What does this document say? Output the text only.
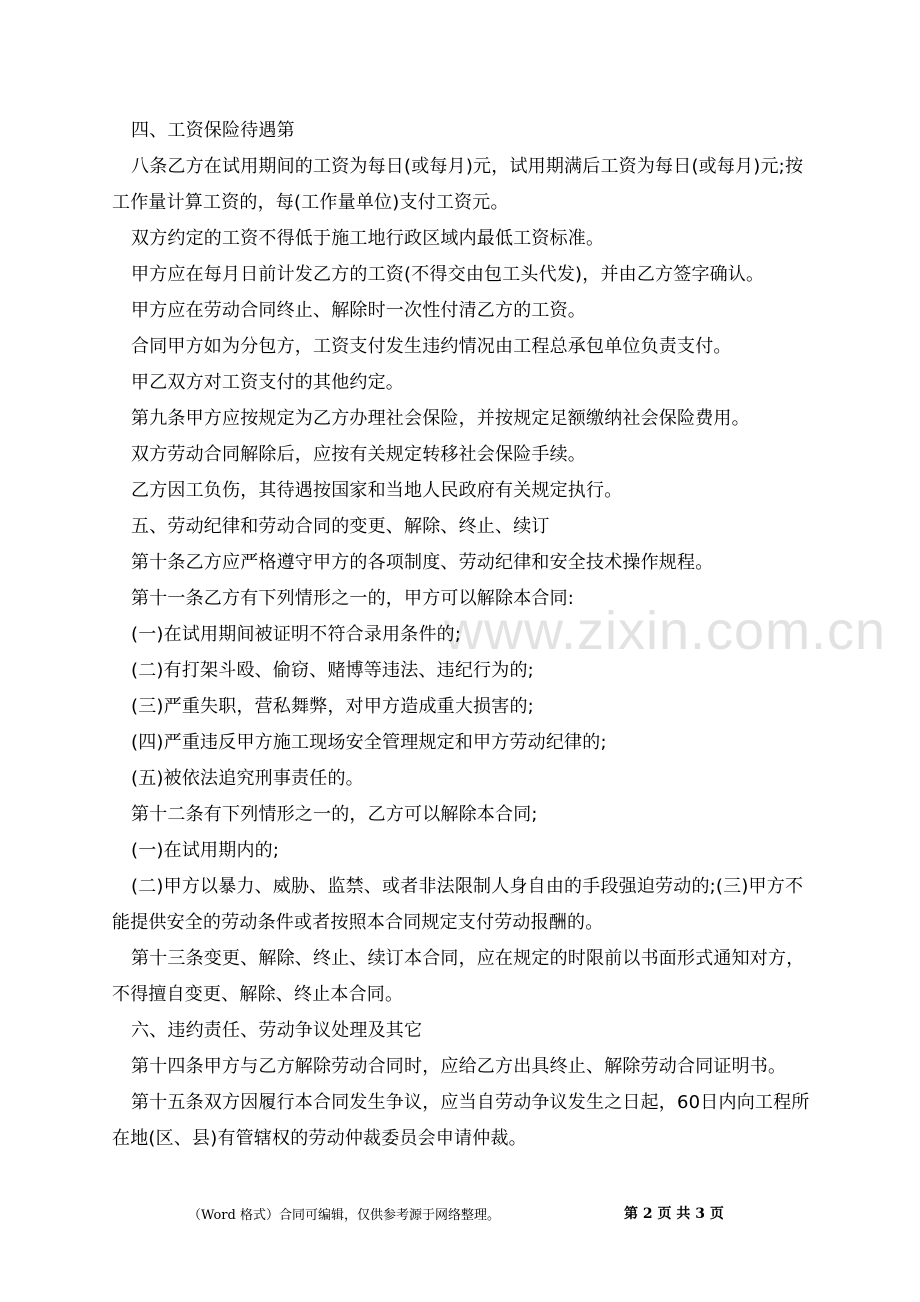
www.zixin.com.cn

四、工资保险待遇第

八条乙方在试用期间的工资为每日(或每月)元，试用期满后工资为每日(或每月)元;按工作量计算工资的，每(工作量单位)支付工资元。

双方约定的工资不得低于施工地行政区域内最低工资标准。

甲方应在每月日前计发乙方的工资(不得交由包工头代发)，并由乙方签字确认。

甲方应在劳动合同终止、解除时一次性付清乙方的工资。

合同甲方如为分包方，工资支付发生违约情况由工程总承包单位负责支付。

甲乙双方对工资支付的其他约定。

第九条甲方应按规定为乙方办理社会保险，并按规定足额缴纳社会保险费用。

双方劳动合同解除后，应按有关规定转移社会保险手续。

乙方因工负伤，其待遇按国家和当地人民政府有关规定执行。

五、劳动纪律和劳动合同的变更、解除、终止、续订

第十条乙方应严格遵守甲方的各项制度、劳动纪律和安全技术操作规程。

第十一条乙方有下列情形之一的，甲方可以解除本合同:

(一)在试用期间被证明不符合录用条件的;

(二)有打架斗殴、偷窃、赌博等违法、违纪行为的;

(三)严重失职，营私舞弊，对甲方造成重大损害的;

(四)严重违反甲方施工现场安全管理规定和甲方劳动纪律的;

(五)被依法追究刑事责任的。

第十二条有下列情形之一的，乙方可以解除本合同;

(一)在试用期内的;

(二)甲方以暴力、威胁、监禁、或者非法限制人身自由的手段强迫劳动的;(三)甲方不能提供安全的劳动条件或者按照本合同规定支付劳动报酬的。

第十三条变更、解除、终止、续订本合同，应在规定的时限前以书面形式通知对方，不得擅自变更、解除、终止本合同。

六、违约责任、劳动争议处理及其它

第十四条甲方与乙方解除劳动合同时，应给乙方出具终止、解除劳动合同证明书。

第十五条双方因履行本合同发生争议，应当自劳动争议发生之日起，60日内向工程所在地(区、县)有管辖权的劳动仲裁委员会申请仲裁。

（Word 格式）合同可编辑，仅供参考源于网络整理。	第 2 页 共 3 页
